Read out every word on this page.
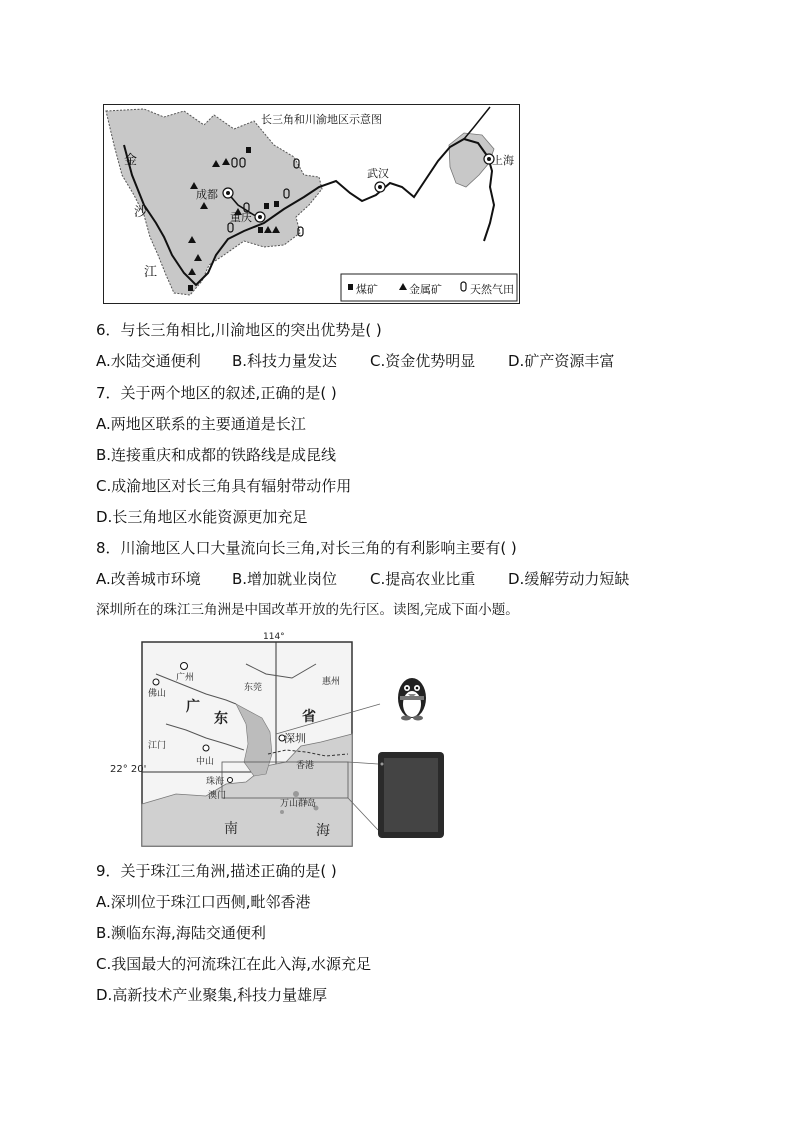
长三角和川渝地区示意图
金
沙
江
成都
重庆
武汉
上海
煤矿	金属矿	天然气田
6．与长三角相比,川渝地区的突出优势是( )
A.水陆交通便利 B.科技力量发达 C.资金优势明显 D.矿产资源丰富
7．关于两个地区的叙述,正确的是( )
A.两地区联系的主要通道是长江
B.连接重庆和成都的铁路线是成昆线
C.成渝地区对长三角具有辐射带动作用
D.长三角地区水能资源更加充足
8．川渝地区人口大量流向长三角,对长三角的有利影响主要有( )
A.改善城市环境 B.增加就业岗位 C.提高农业比重 D.缓解劳动力短缺
深圳所在的珠江三角洲是中国改革开放的先行区。读图,完成下面小题。
114°
22° 20'
广州
佛山
东莞
惠州
广
东	省
江门
深圳
中山	香港
珠海
澳门
万山群岛
南	海
9．关于珠江三角洲,描述正确的是( )
A.深圳位于珠江口西侧,毗邻香港
B.濒临东海,海陆交通便利
C.我国最大的河流珠江在此入海,水源充足
D.高新技术产业聚集,科技力量雄厚
